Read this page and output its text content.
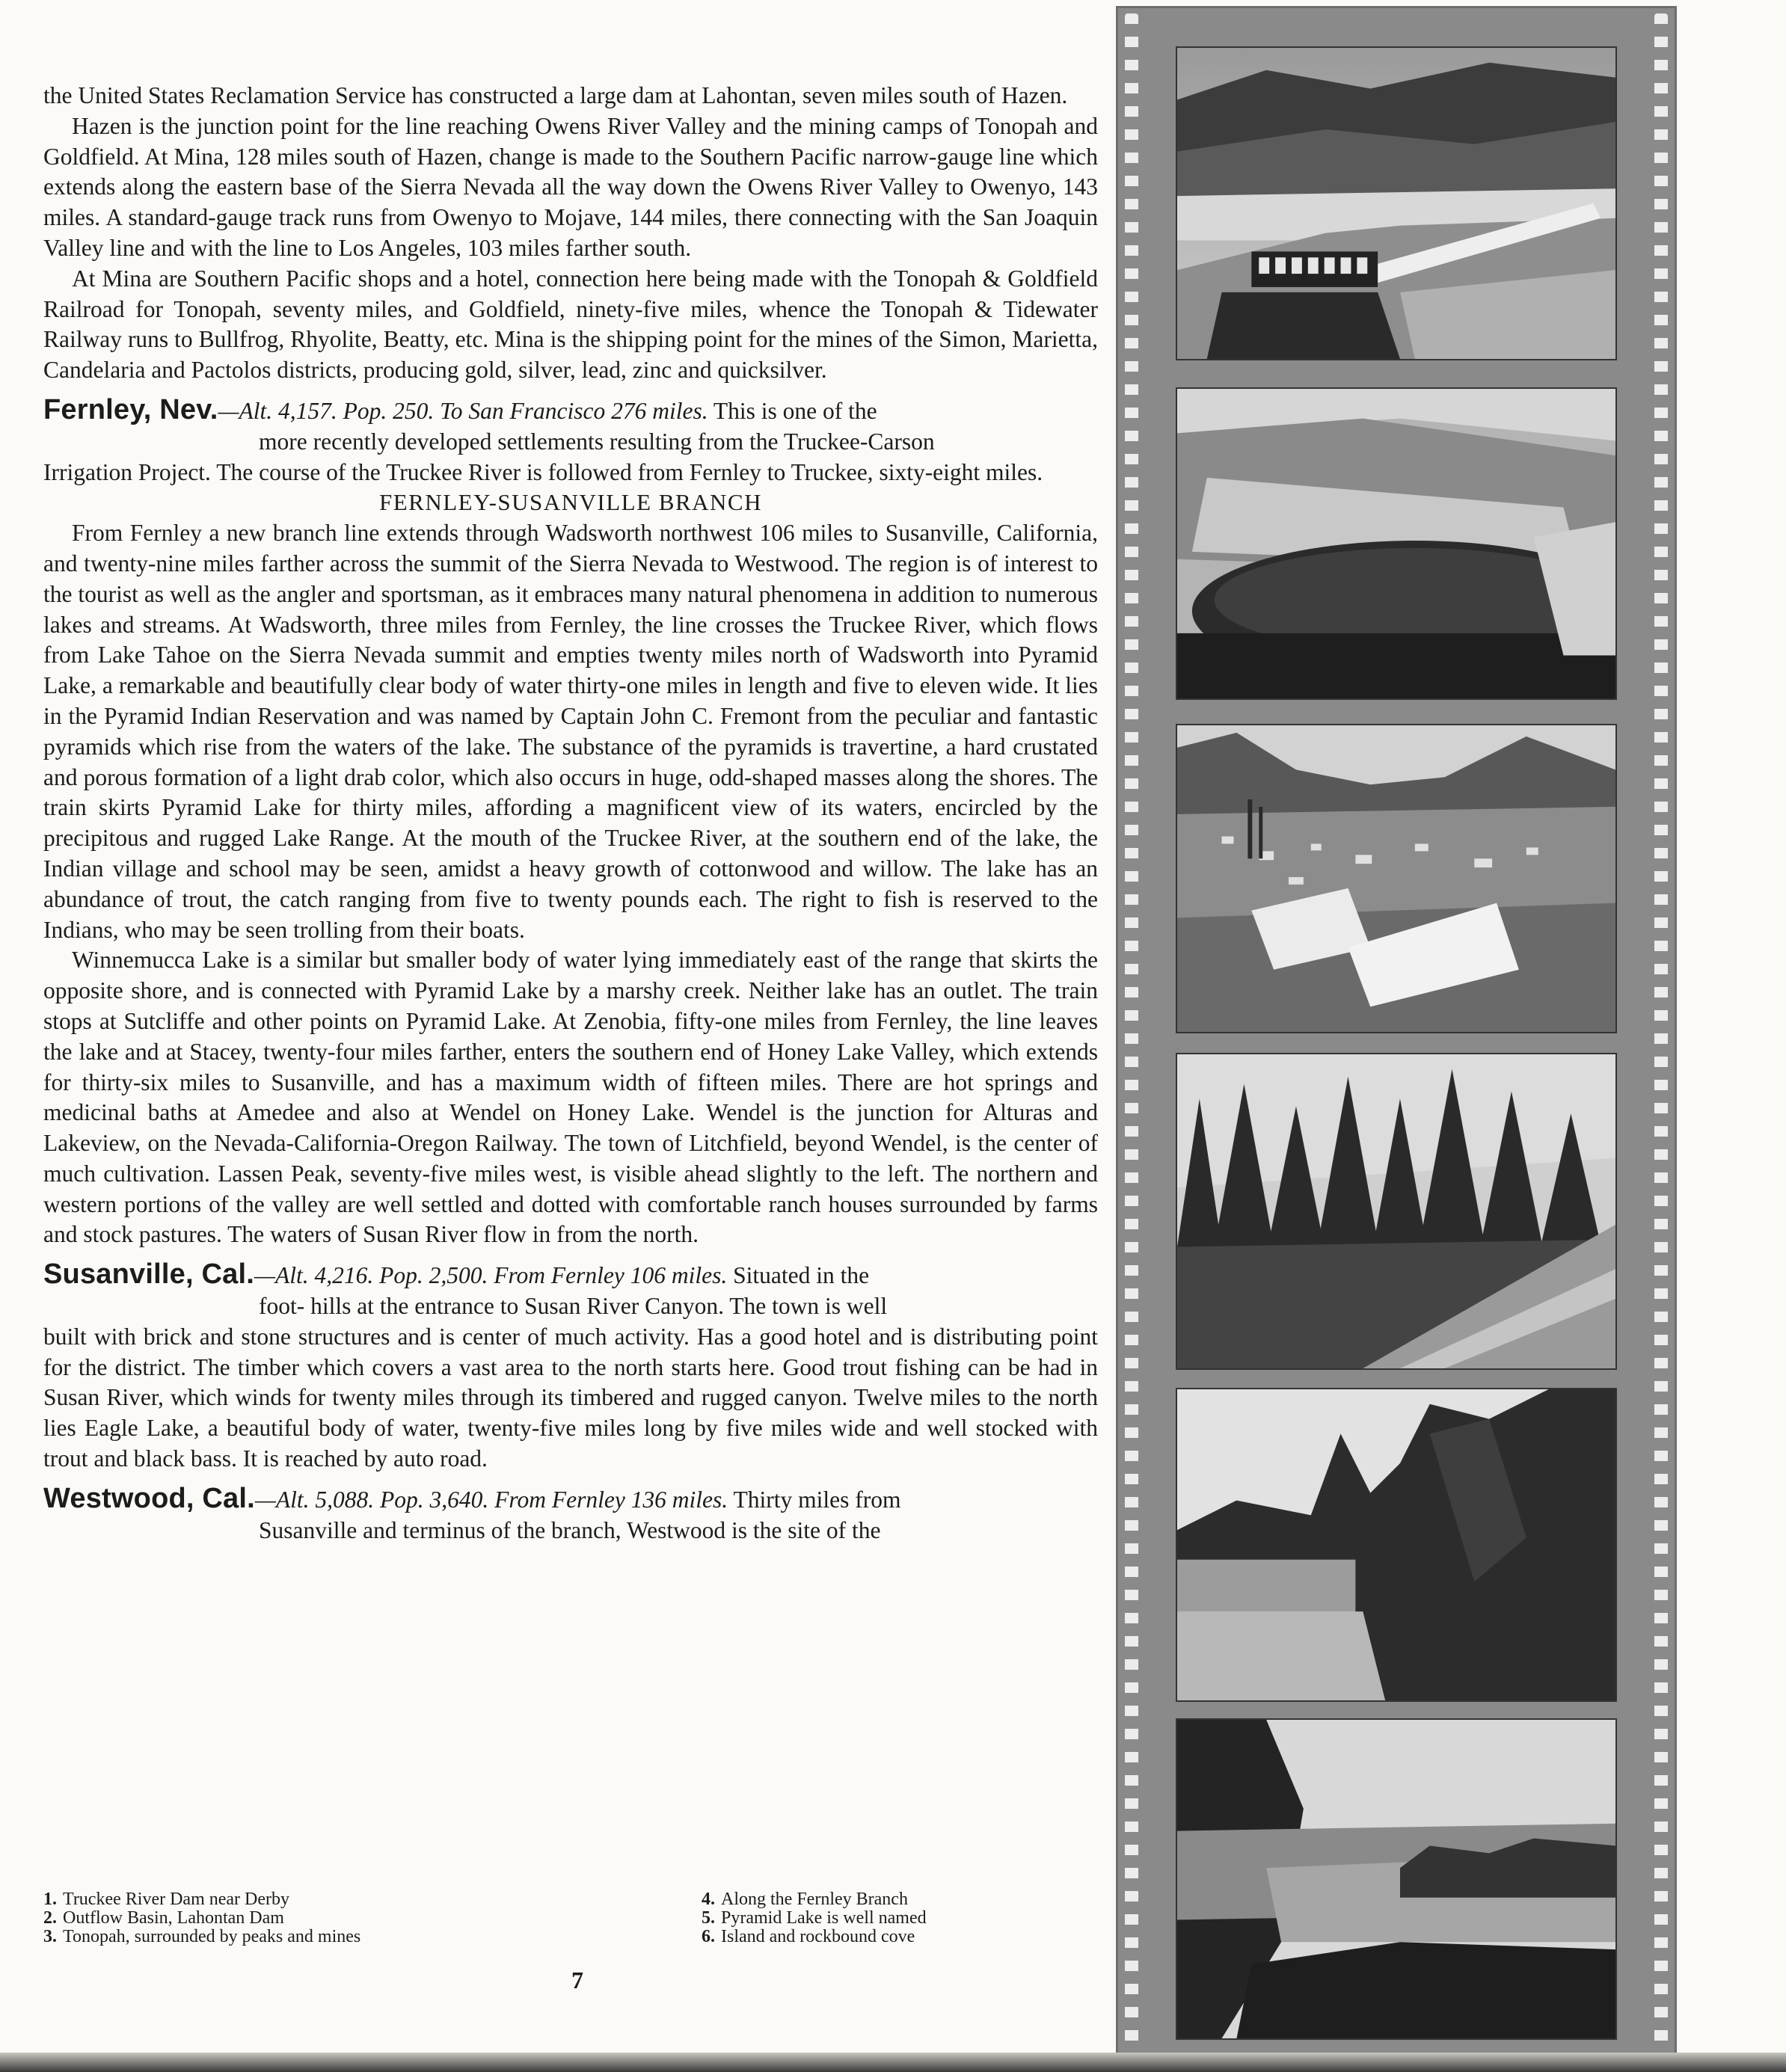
the United States Reclamation Service has constructed a large dam at Lahontan, seven miles south of Hazen.

Hazen is the junction point for the line reaching Owens River Valley and the mining camps of Tonopah and Goldfield. At Mina, 128 miles south of Hazen, change is made to the Southern Pacific narrow-gauge line which extends along the eastern base of the Sierra Nevada all the way down the Owens River Valley to Owenyo, 143 miles. A standard-gauge track runs from Owenyo to Mojave, 144 miles, there connecting with the San Joaquin Valley line and with the line to Los Angeles, 103 miles farther south.

At Mina are Southern Pacific shops and a hotel, connection here being made with the Tonopah & Goldfield Railroad for Tonopah, seventy miles, and Goldfield, ninety-five miles, whence the Tonopah & Tidewater Railway runs to Bullfrog, Rhyolite, Beatty, etc. Mina is the shipping point for the mines of the Simon, Marietta, Candelaria and Pactolos districts, producing gold, silver, lead, zinc and quicksilver.

Fernley, Nev.—Alt. 4,157. Pop. 250. To San Francisco 276 miles. This is one of the

more recently developed settlements resulting from the Truckee-Carson

Irrigation Project. The course of the Truckee River is followed from Fernley to Truckee, sixty-eight miles.

FERNLEY-SUSANVILLE BRANCH

From Fernley a new branch line extends through Wadsworth northwest 106 miles to Susanville, California, and twenty-nine miles farther across the summit of the Sierra Nevada to Westwood. The region is of interest to the tourist as well as the angler and sportsman, as it embraces many natural phenomena in addition to numerous lakes and streams. At Wadsworth, three miles from Fernley, the line crosses the Truckee River, which flows from Lake Tahoe on the Sierra Nevada summit and empties twenty miles north of Wadsworth into Pyramid Lake, a remarkable and beautifully clear body of water thirty-one miles in length and five to eleven wide. It lies in the Pyramid Indian Reservation and was named by Captain John C. Fremont from the peculiar and fantastic pyramids which rise from the waters of the lake. The substance of the pyramids is travertine, a hard crustated and porous formation of a light drab color, which also occurs in huge, odd-shaped masses along the shores. The train skirts Pyramid Lake for thirty miles, affording a magnificent view of its waters, encircled by the precipitous and rugged Lake Range. At the mouth of the Truckee River, at the southern end of the lake, the Indian village and school may be seen, amidst a heavy growth of cottonwood and willow. The lake has an abundance of trout, the catch ranging from five to twenty pounds each. The right to fish is reserved to the Indians, who may be seen trolling from their boats.

Winnemucca Lake is a similar but smaller body of water lying immediately east of the range that skirts the opposite shore, and is connected with Pyramid Lake by a marshy creek. Neither lake has an outlet. The train stops at Sutcliffe and other points on Pyramid Lake. At Zenobia, fifty-one miles from Fernley, the line leaves the lake and at Stacey, twenty-four miles farther, enters the southern end of Honey Lake Valley, which extends for thirty-six miles to Susanville, and has a maximum width of fifteen miles. There are hot springs and medicinal baths at Amedee and also at Wendel on Honey Lake. Wendel is the junction for Alturas and Lakeview, on the Nevada-California-Oregon Railway. The town of Litchfield, beyond Wendel, is the center of much cultivation. Lassen Peak, seventy-five miles west, is visible ahead slightly to the left. The northern and western portions of the valley are well settled and dotted with comfortable ranch houses surrounded by farms and stock pastures. The waters of Susan River flow in from the north.

Susanville, Cal.—Alt. 4,216. Pop. 2,500. From Fernley 106 miles. Situated in the

foot- hills at the entrance to Susan River Canyon. The town is well

built with brick and stone structures and is center of much activity. Has a good hotel and is distributing point for the district. The timber which covers a vast area to the north starts here. Good trout fishing can be had in Susan River, which winds for twenty miles through its timbered and rugged canyon. Twelve miles to the north lies Eagle Lake, a beautiful body of water, twenty-five miles long by five miles wide and well stocked with trout and black bass. It is reached by auto road.

Westwood, Cal.—Alt. 5,088. Pop. 3,640. From Fernley 136 miles. Thirty miles from

Susanville and terminus of the branch, Westwood is the site of the

1. Truckee River Dam near Derby
2. Outflow Basin, Lahontan Dam
3. Tonopah, surrounded by peaks and mines
4. Along the Fernley Branch
5. Pyramid Lake is well named
6. Island and rockbound cove
7
